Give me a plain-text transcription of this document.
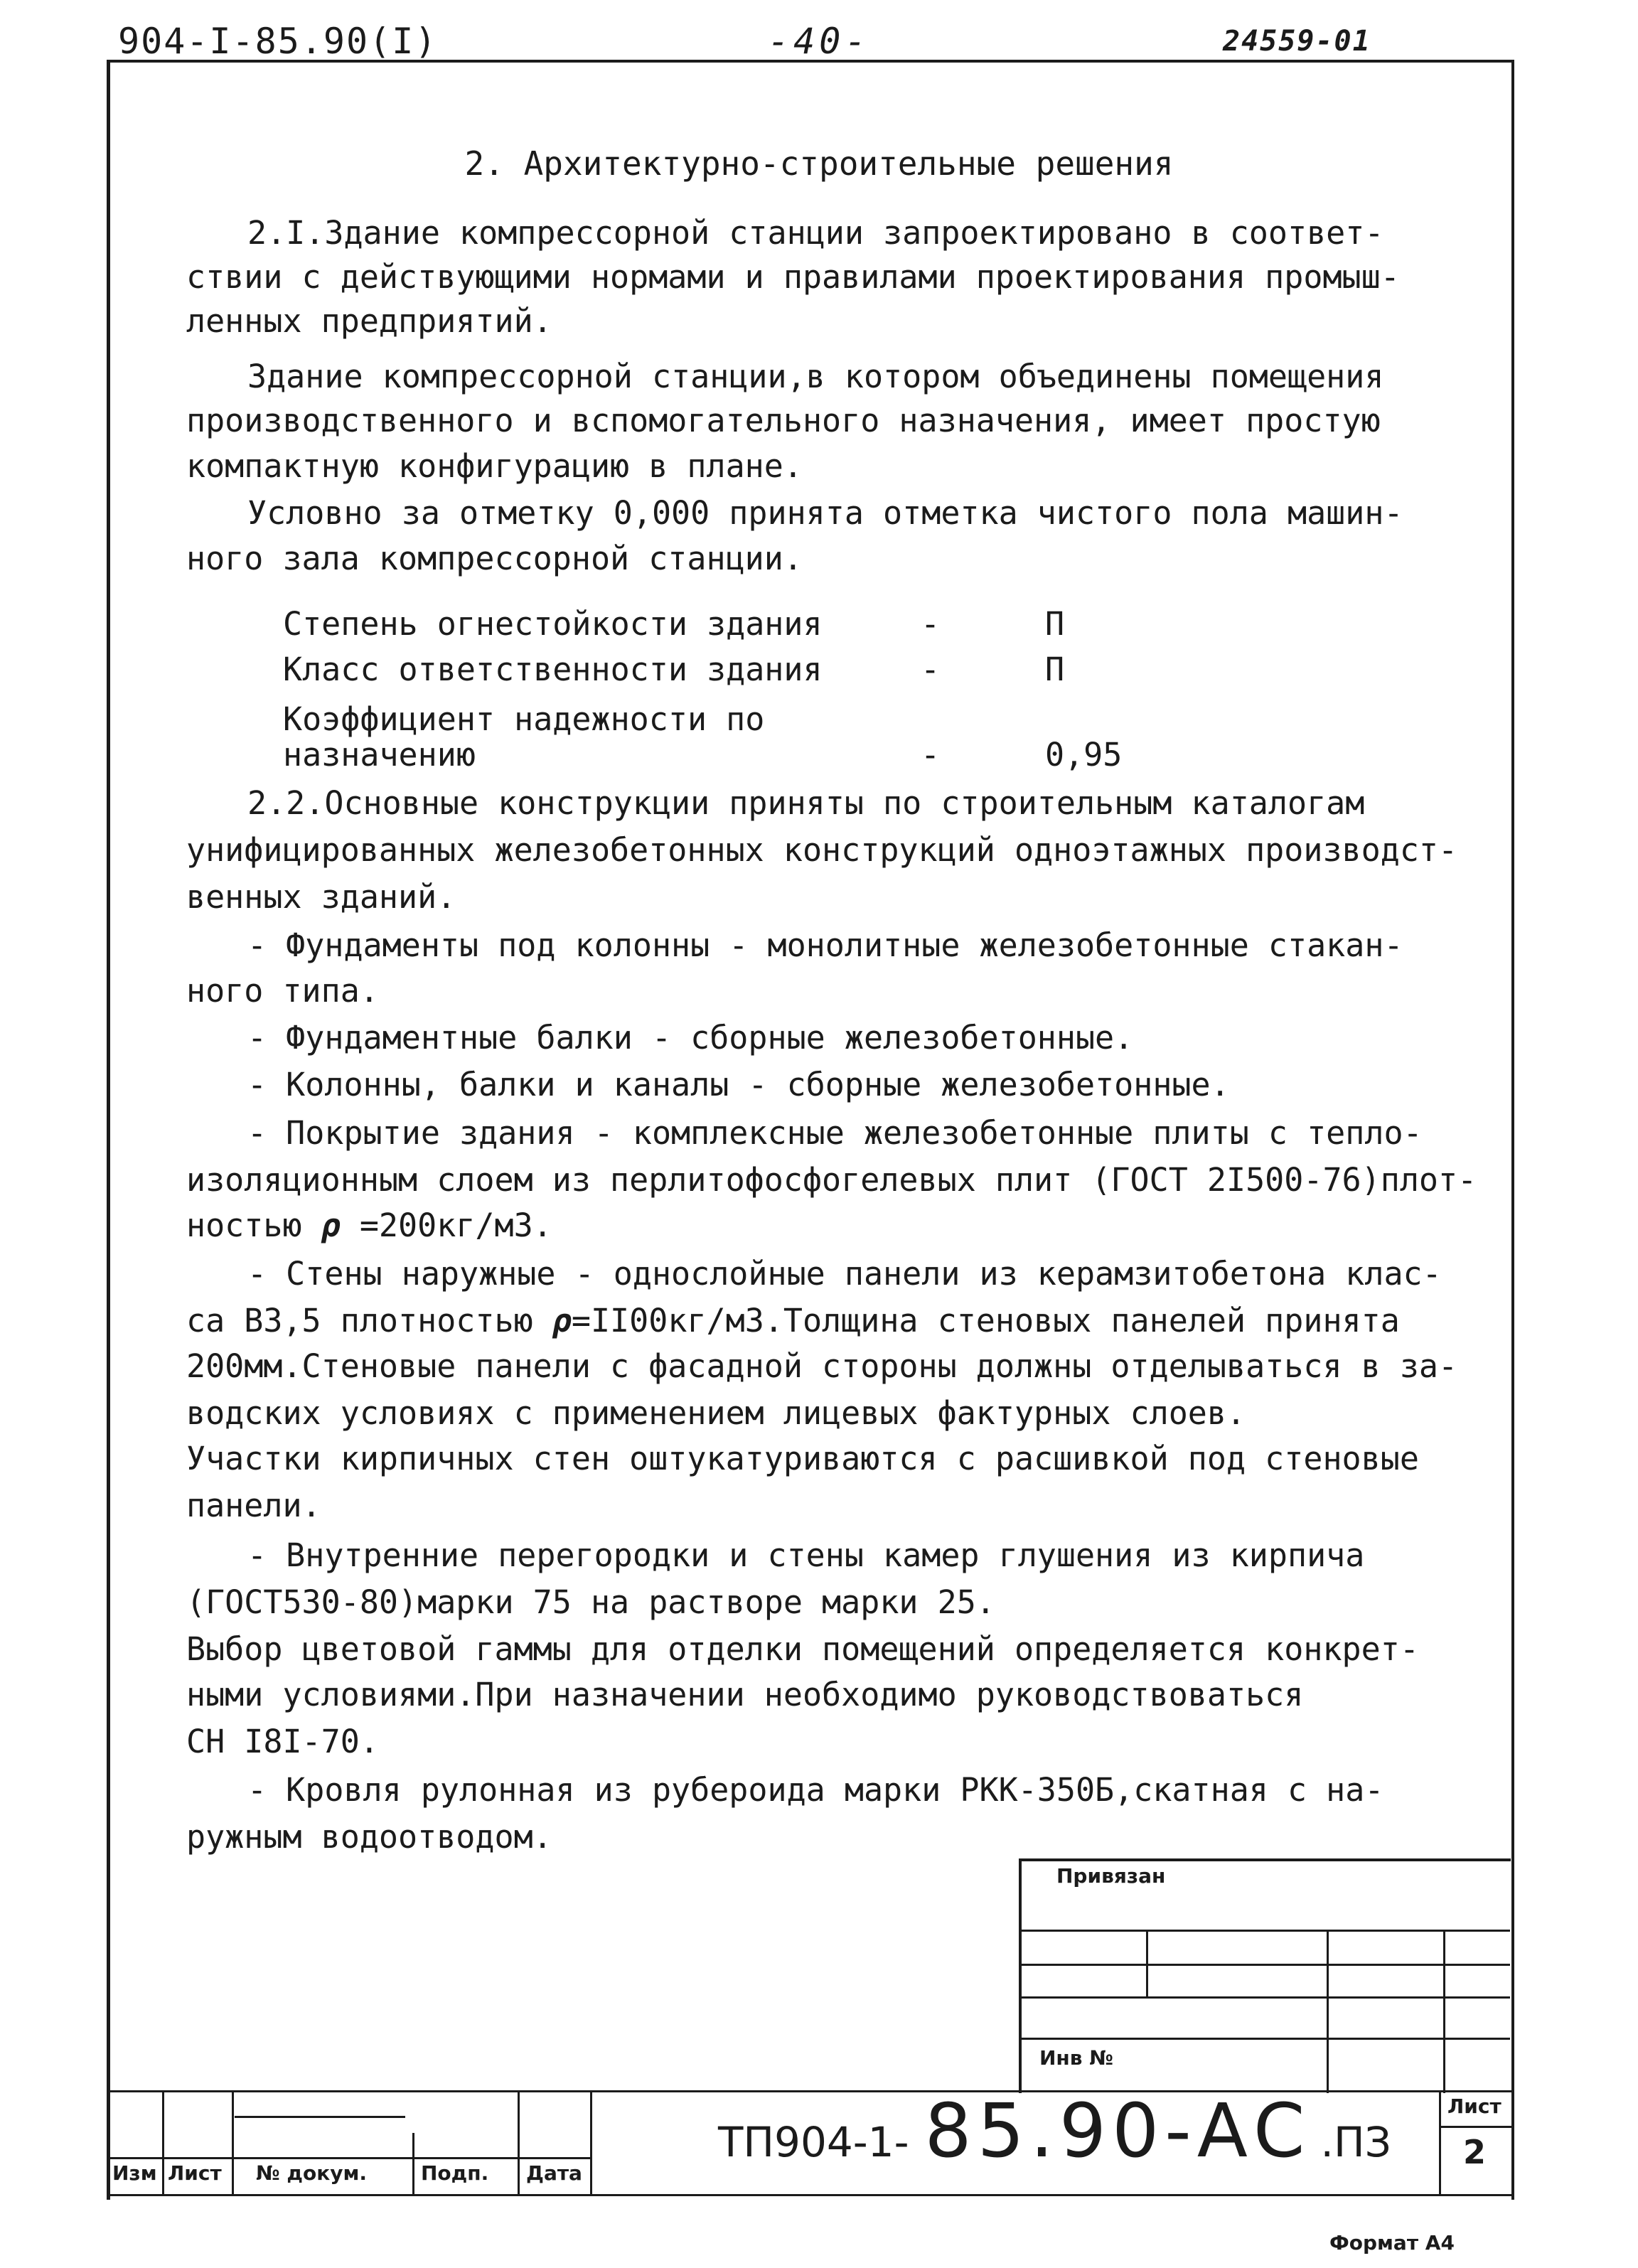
904-I-85.90(I)	-40-	24559-01
2. Архитектурно-строительные решения
2.I.Здание компрессорной станции запроектировано в соответ-
ствии с действующими нормами и правилами проектирования промыш-
ленных предприятий.
Здание компрессорной станции,в котором объединены помещения
производственного и вспомогательного назначения, имеет простую
компактную конфигурацию в плане.
Условно за отметку 0,000 принята отметка чистого пола машин-
ного зала компрессорной станции.
Степень огнестойкости здания	-	П
Класс ответственности здания	-	П
Коэффициент надежности по
назначению	-	0,95
2.2.Основные конструкции приняты по строительным каталогам
унифицированных железобетонных конструкций одноэтажных производст-
венных зданий.
- Фундаменты под колонны - монолитные железобетонные стакан-
ного типа.
- Фундаментные балки - сборные железобетонные.
- Колонны, балки и каналы - сборные железобетонные.
- Покрытие здания - комплексные железобетонные плиты с тепло-
изоляционным слоем из перлитофосфогелевых плит (ГОСТ 2I500-76)плот-
ностью ρ =200кг/м3.
- Стены наружные - однослойные панели из керамзитобетона клас-
са В3,5 плотностью ρ=II00кг/м3.Толщина стеновых панелей принята
200мм.Стеновые панели с фасадной стороны должны отделываться в за-
водских условиях с применением лицевых фактурных слоев.
Участки кирпичных стен оштукатуриваются с расшивкой под стеновые
панели.
- Внутренние перегородки и стены камер глушения из кирпича
(ГОСТ530-80)марки 75 на растворе марки 25.
Выбор цветовой гаммы для отделки помещений определяется конкрет-
ными условиями.При назначении необходимо руководствоваться
СН I8I-70.
- Кровля рулонная из рубероида марки РКК-350Б,скатная с на-
ружным водоотводом.
Привязан
Инв №
Изм Лист № докум.	Подп. Дата
ТП904-1- 85.90-АС .ПЗ
Лист
2
Формат А4
